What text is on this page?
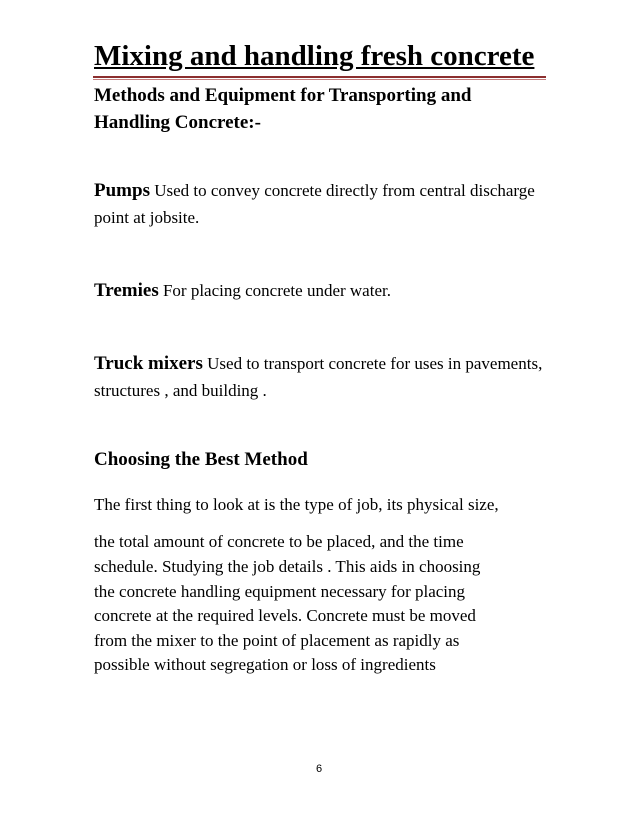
Mixing and handling fresh concrete
Methods and Equipment for Transporting and
Handling Concrete:-
Pumps Used to convey concrete directly from central discharge point at jobsite.
Tremies For placing concrete under water.
Truck mixers Used to transport concrete for uses in pavements, structures , and building .
Choosing the Best Method
The first thing to look at is the type of job, its physical size,
the total amount of concrete to be placed, and the time
schedule. Studying the job details . This aids in choosing
the concrete handling equipment necessary for placing
concrete at the required levels. Concrete must be moved
from the mixer to the point of placement as rapidly as
possible without segregation or loss of ingredients
6
